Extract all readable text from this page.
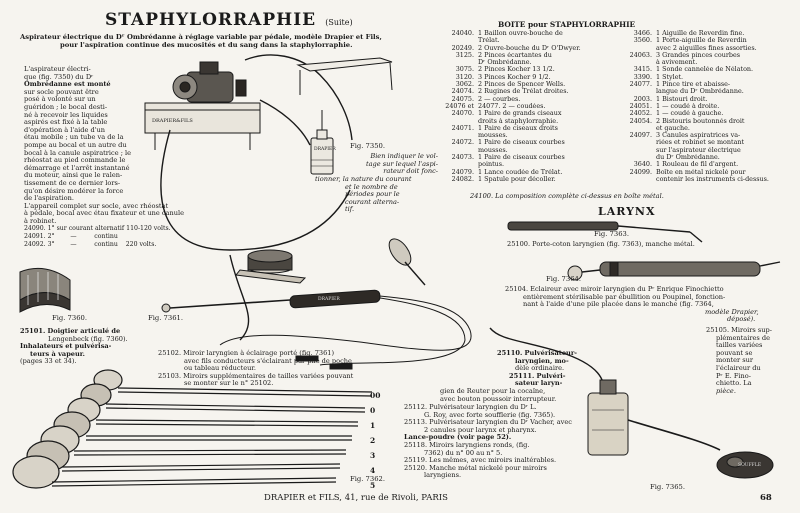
DRAPIER&FILS
DRAPIER
DRAPIER
SOUFFLE
00
0
1
2
3
4
5
STAPHYLORRAPHIE (Suite)
Aspirateur électrique du Dʳ Ombrédanne à réglage variable par pédale, modèle Drapier et Fils,
pour l'aspiration continue des mucosités et du sang dans la staphylorraphie.
L'aspirateur électri-
que (fig. 7350) du Dʳ
Ombrédanne est monté
sur socle pouvant être
posé à volonté sur un
guéridon ; le bocal desti-
né à recevoir les liquides
aspirés est fixé à la table
d'opération à l'aide d'un
étau mobile ; un tube va de la
pompe au bocal et un autre du
bocal à la canule aspiratrice ; le
rhéostat au pied commande le
démarrage et l'arrêt instantané
du moteur, ainsi que le ralen-
tissement de ce dernier lors-
qu'on désire modérer la force
de l'aspiration.
L'appareil complet sur socle, avec rhéostat
à pédale, bocal avec étau fixateur et une canule
à robinet.
24090. 1° sur courant alternatif 110-120 volts.
24091. 2°        —         continu
24092. 3°        —         continu    220 volts.
Fig. 7350.
Bien indiquer le vol-
tage sur lequel l'aspi-
rateur doit fonc-
tionner, la nature du courant
et le nombre de
périodes pour le
courant alterna-
tif.
Fig. 7360.
25101. Doigtier articulé de
Lengenbeck (fig. 7360).
Inhalateurs et pulvérisa-
teurs à vapeur.
(pages 33 et 34).
Fig. 7361.
25102. Miroir laryngien à éclairage porté (fig. 7361)
avec fils conducteurs s'éclairant par pile de poche
ou tableau réducteur.
25103. Miroirs supplémentaires de tailles variées pouvant
se monter sur le n° 25102.
Fig. 7362.
BOITE pour STAPHYLORRAPHIE
24040. 1 Baillon ouvre-bouche de
Trélat.
20249. 2 Ouvre-bouche du Dʳ O'Dwyer.
3125. 2 Pinces écartantes du
Dʳ Ombrédanne.
3075. 2 Pinces Kocher 13 1/2.
3120. 3 Pinces Kocher 9 1/2.
3062. 2 Pinces de Spencer Wells.
24074. 2 Rugines de Trélat droites.
24075. 2 — courbes.
24076 et 24077. 2 — coudées.
24070. 1 Paire de grands ciseaux
droits à staphylorraphie.
24071. 1 Paire de ciseaux droits
mousses.
24072. 1 Paire de ciseaux courbes
mousses.
24073. 1 Paire de ciseaux courbes
pointus.
24079. 1 Lance coudée de Trélat.
24082. 1 Spatule pour décoller.
3466. 1 Aiguille de Reverdin fine.
3560. 1 Porte-aiguille de Reverdin
avec 2 aiguilles fines assorties.
24063. 3 Grandes pinces courbes
à avivement.
3415. 1 Sonde cannelée de Nélaton.
3390. 1 Stylet.
24077. 1 Pince tire et abaisse-
langue du Dʳ Ombrédanne.
2003. 1 Bistouri droit.
24051. 1 — coudé à droite.
24052. 1 — coudé à gauche.
24054. 2 Bistouris boutonnés droit
et gauche.
24097. 3 Canules aspiratrices va-
riées et robinet se montant
sur l'aspirateur électrique
du Dʳ Ombrédanne.
3640. 1 Rouleau de fil d'argent.
24099. Boîte en métal nickelé pour
contenir les instruments ci-dessus.
24100. La composition complète ci-dessus en boîte métal.
LARYNX
Fig. 7363.
25100. Porte-coton laryngien (fig. 7363), manche métal.
Fig. 7364.
25104. Eclaireur avec miroir laryngien du Pʳ Enrique Finochietto
entièrement stérilisable par ébullition ou Poupinel, fonction-
nant à l'aide d'une pile placée dans le manche (fig. 7364,
modèle Drapier,
déposé).
25105. Miroirs sup-
plémentaires de
tailles variées
pouvant se
monter sur
l'éclaireur du
Pʳ E. Fino-
chietto. La
pièce.
25110. Pulvérisateur-
laryngien, mo-
dèle ordinaire.
25111. Pulvéri-
sateur laryn-
gien de Reuter pour la cocaïne,
avec bouton poussoir interrupteur.
25112. Pulvérisateur laryngien du Dʳ L.
G. Roy, avec forte soufflerie (fig. 7365).
25113. Pulvérisateur laryngien du Dʳ Vacher, avec
2 canules pour larynx et pharynx.
Lance-poudre (voir page 52).
25118. Miroirs laryngiens ronds, (fig.
7362) du n° 00 au n° 5.
25119. Les mêmes, avec miroirs inaltérables.
25120. Manche métal nickelé pour miroirs
laryngiens.
Fig. 7365.
DRAPIER et FILS, 41, rue de Rivoli, PARIS	68
